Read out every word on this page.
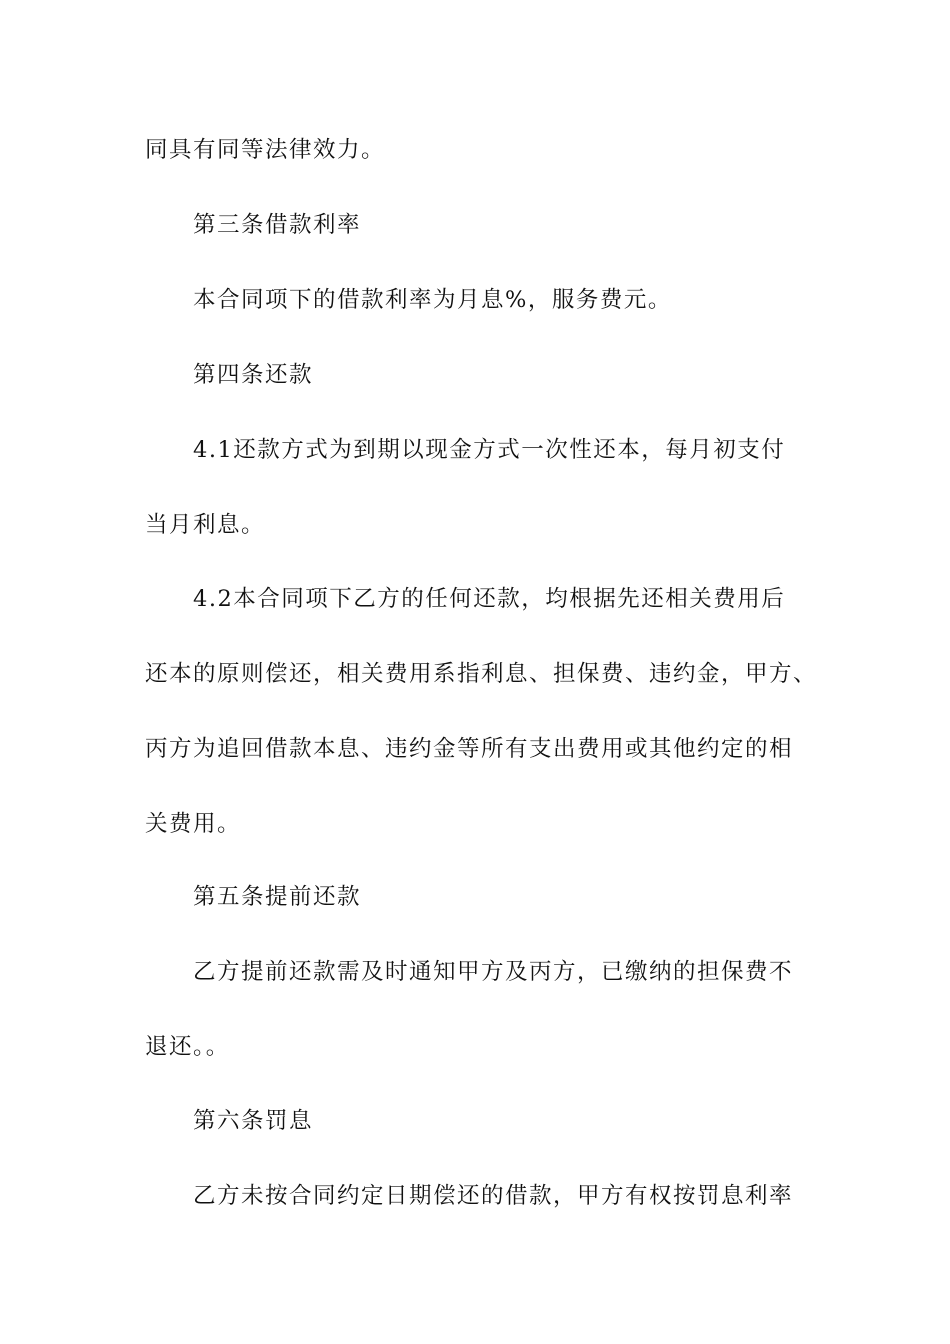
同具有同等法律效力。
第三条借款利率
本合同项下的借款利率为月息%，服务费元。
第四条还款
4.1还款方式为到期以现金方式一次性还本，每月初支付
当月利息。
4.2本合同项下乙方的任何还款，均根据先还相关费用后
还本的原则偿还，相关费用系指利息、担保费、违约金，甲方、
丙方为追回借款本息、违约金等所有支出费用或其他约定的相
关费用。
第五条提前还款
乙方提前还款需及时通知甲方及丙方，已缴纳的担保费不
退还。。
第六条罚息
乙方未按合同约定日期偿还的借款，甲方有权按罚息利率
